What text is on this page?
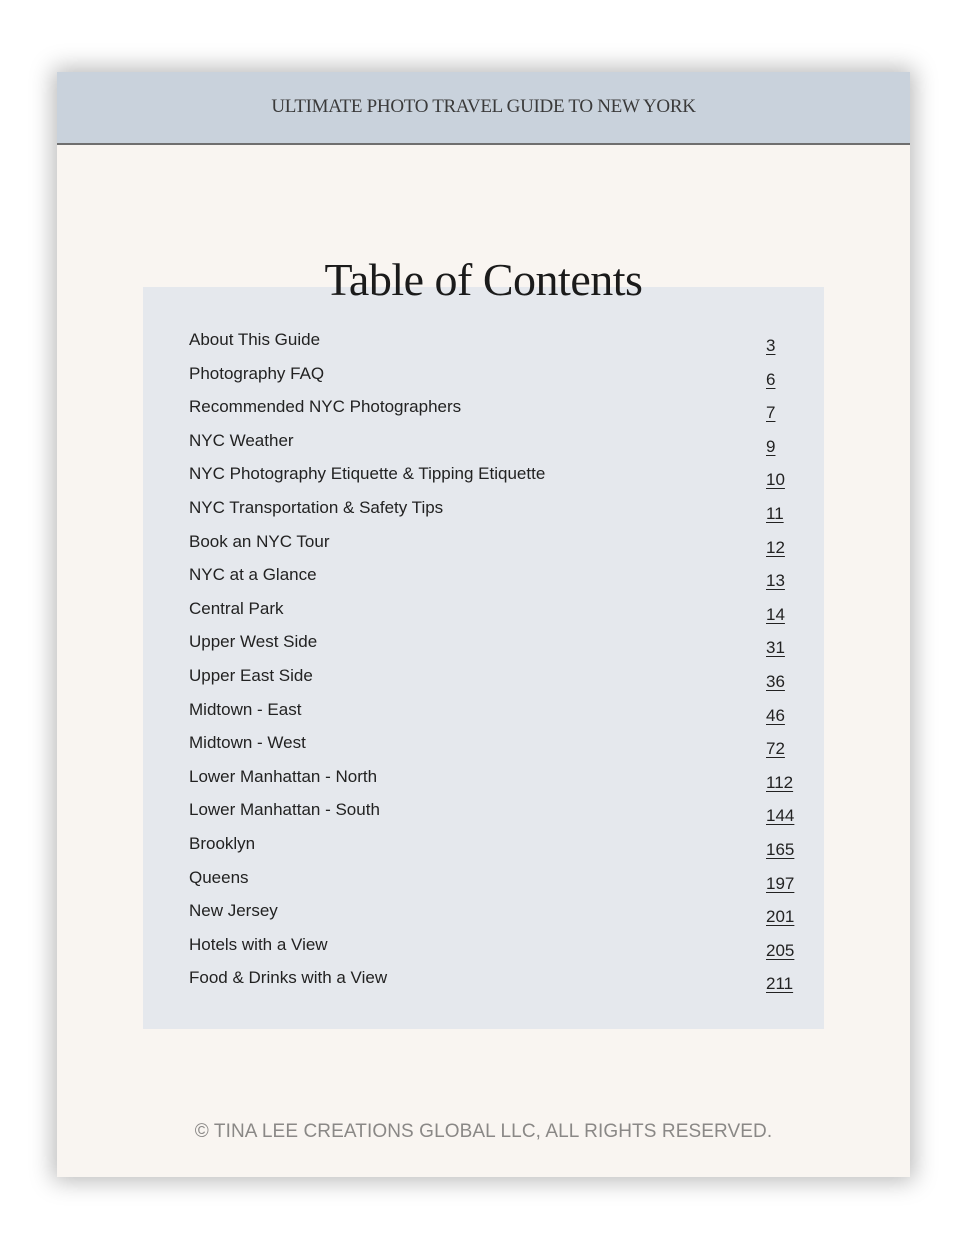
ULTIMATE PHOTO TRAVEL GUIDE TO NEW YORK
Table of Contents
About This Guide	3
Photography FAQ	6
Recommended NYC Photographers	7
NYC Weather	9
NYC Photography Etiquette & Tipping Etiquette	10
NYC Transportation & Safety Tips	11
Book an NYC Tour	12
NYC at a Glance	13
Central Park	14
Upper West Side	31
Upper East Side	36
Midtown - East	46
Midtown - West	72
Lower Manhattan - North	112
Lower Manhattan - South	144
Brooklyn	165
Queens	197
New Jersey	201
Hotels with a View	205
Food & Drinks with a View	211
© TINA LEE CREATIONS GLOBAL LLC, ALL RIGHTS RESERVED.
